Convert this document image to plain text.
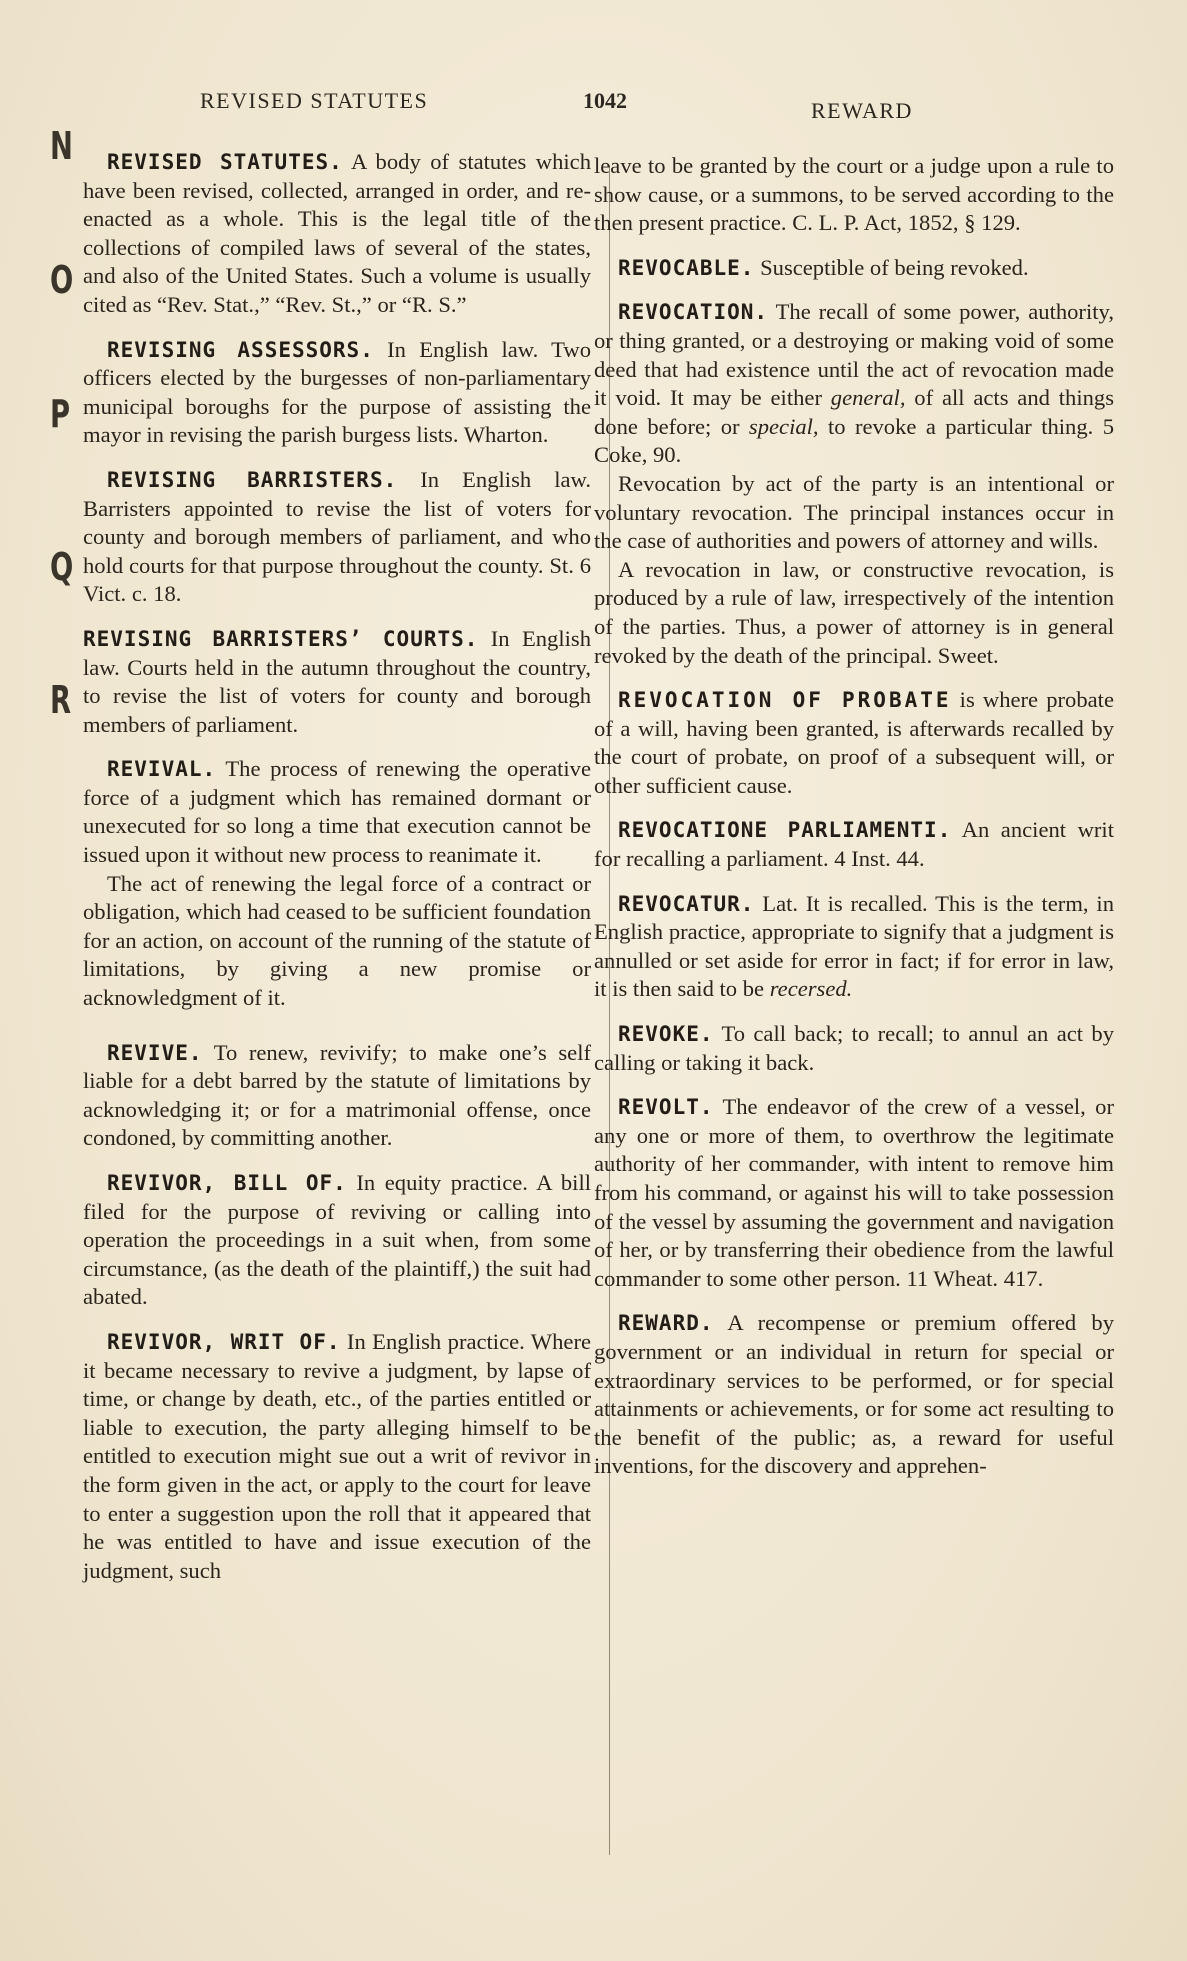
REVISED STATUTES	1042	REWARD
N
O
P
Q
R

REVISED STATUTES. A body of statutes which have been revised, collected, arranged in order, and re-enacted as a whole. This is the legal title of the collections of compiled laws of several of the states, and also of the United States. Such a volume is usually cited as “Rev. Stat.,” “Rev. St.,” or “R. S.”

REVISING ASSESSORS. In English law. Two officers elected by the burgesses of non-parliamentary municipal boroughs for the purpose of assisting the mayor in revising the parish burgess lists. Wharton.

REVISING BARRISTERS. In English law. Barristers appointed to revise the list of voters for county and borough members of parliament, and who hold courts for that purpose throughout the county. St. 6 Vict. c. 18.

REVISING BARRISTERS’ COURTS. In English law. Courts held in the autumn throughout the country, to revise the list of voters for county and borough members of parliament.

REVIVAL. The process of renewing the operative force of a judgment which has remained dormant or unexecuted for so long a time that execution cannot be issued upon it without new process to reanimate it.

The act of renewing the legal force of a contract or obligation, which had ceased to be sufficient foundation for an action, on account of the running of the statute of limitations, by giving a new promise or acknowledgment of it.

REVIVE. To renew, revivify; to make one’s self liable for a debt barred by the statute of limitations by acknowledging it; or for a matrimonial offense, once condoned, by committing another.

REVIVOR, BILL OF. In equity practice. A bill filed for the purpose of reviving or calling into operation the proceedings in a suit when, from some circumstance, (as the death of the plaintiff,) the suit had abated.

REVIVOR, WRIT OF. In English practice. Where it became necessary to revive a judgment, by lapse of time, or change by death, etc., of the parties entitled or liable to execution, the party alleging himself to be entitled to execution might sue out a writ of revivor in the form given in the act, or apply to the court for leave to enter a suggestion upon the roll that it appeared that he was entitled to have and issue execution of the judgment, such

leave to be granted by the court or a judge upon a rule to show cause, or a summons, to be served according to the then present practice. C. L. P. Act, 1852, § 129.

REVOCABLE. Susceptible of being revoked.

REVOCATION. The recall of some power, authority, or thing granted, or a destroying or making void of some deed that had existence until the act of revocation made it void. It may be either general, of all acts and things done before; or special, to revoke a particular thing. 5 Coke, 90.

Revocation by act of the party is an intentional or voluntary revocation. The principal instances occur in the case of authorities and powers of attorney and wills.

A revocation in law, or constructive revocation, is produced by a rule of law, irrespectively of the intention of the parties. Thus, a power of attorney is in general revoked by the death of the principal. Sweet.

REVOCATION OF PROBATE is where probate of a will, having been granted, is afterwards recalled by the court of probate, on proof of a subsequent will, or other sufficient cause.

REVOCATIONE PARLIAMENTI. An ancient writ for recalling a parliament. 4 Inst. 44.

REVOCATUR. Lat. It is recalled. This is the term, in English practice, appropriate to signify that a judgment is annulled or set aside for error in fact; if for error in law, it is then said to be recersed.

REVOKE. To call back; to recall; to annul an act by calling or taking it back.

REVOLT. The endeavor of the crew of a vessel, or any one or more of them, to overthrow the legitimate authority of her commander, with intent to remove him from his command, or against his will to take possession of the vessel by assuming the government and navigation of her, or by transferring their obedience from the lawful commander to some other person. 11 Wheat. 417.

REWARD. A recompense or premium offered by government or an individual in return for special or extraordinary services to be performed, or for special attainments or achievements, or for some act resulting to the benefit of the public; as, a reward for useful inventions, for the discovery and apprehen-
